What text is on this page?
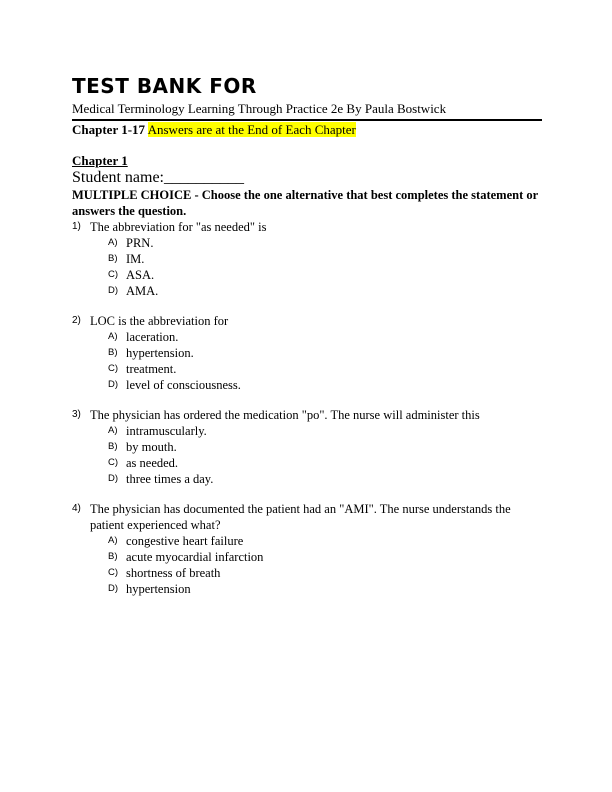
TEST BANK FOR
Medical Terminology Learning Through Practice 2e By Paula Bostwick
Chapter 1-17 Answers are at the End of Each Chapter
Chapter 1
Student name:__________
MULTIPLE CHOICE - Choose the one alternative that best completes the statement or answers the question.
1) The abbreviation for "as needed" is
A) PRN.
B) IM.
C) ASA.
D) AMA.
2) LOC is the abbreviation for
A) laceration.
B) hypertension.
C) treatment.
D) level of consciousness.
3) The physician has ordered the medication "po". The nurse will administer this
A) intramuscularly.
B) by mouth.
C) as needed.
D) three times a day.
4) The physician has documented the patient had an "AMI". The nurse understands the patient experienced what?
A) congestive heart failure
B) acute myocardial infarction
C) shortness of breath
D) hypertension
